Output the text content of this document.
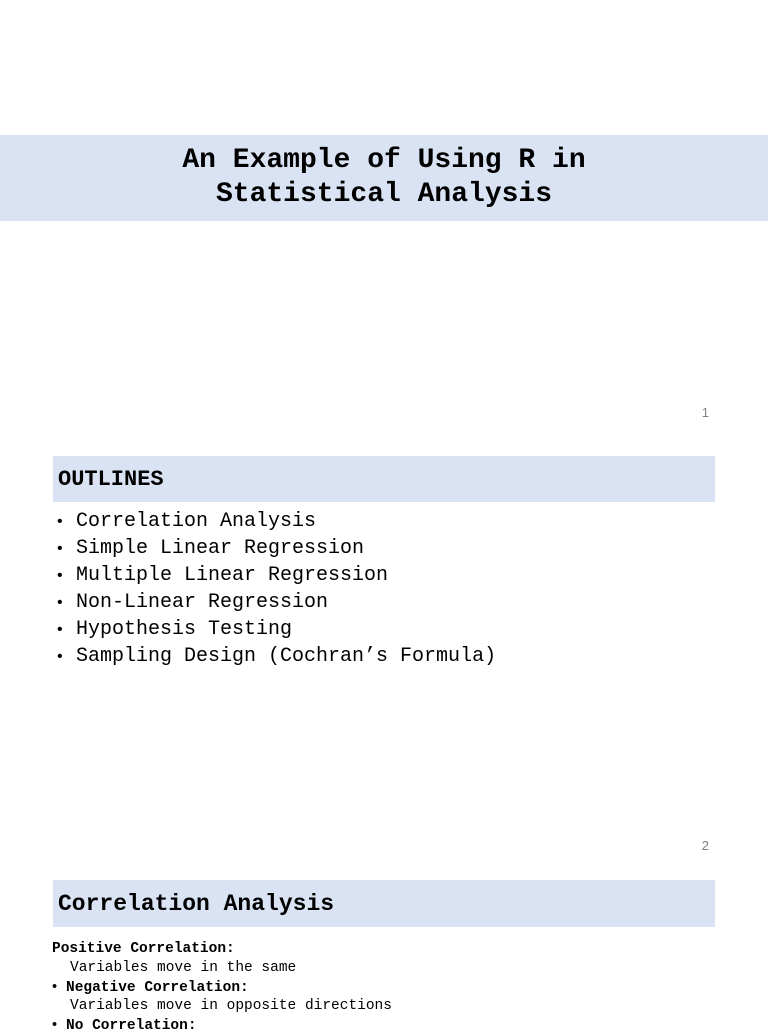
An Example of Using R in
Statistical Analysis
1
OUTLINES
• Correlation Analysis
• Simple Linear Regression
• Multiple Linear Regression
• Non-Linear Regression
• Hypothesis Testing
• Sampling Design (Cochran’s Formula)
2
Correlation Analysis
Positive Correlation:
Variables move in the same
• Negative Correlation:
Variables move in opposite directions
• No Correlation:
